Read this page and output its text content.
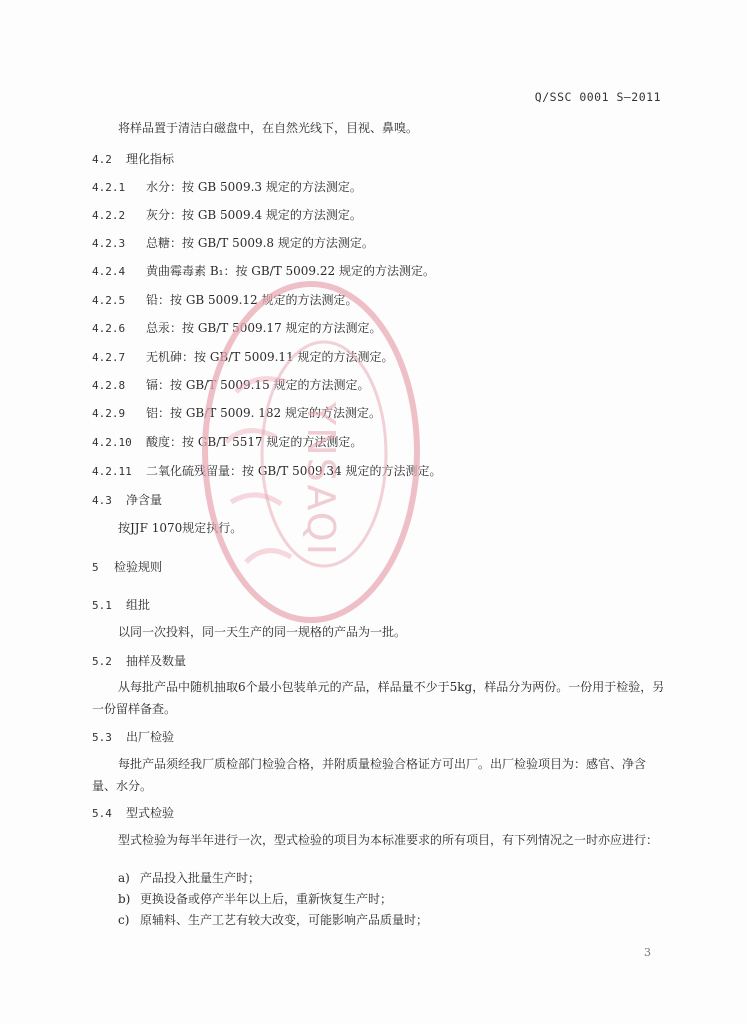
Q/SSC 0001 S—2011
将样品置于清洁白磁盘中，在自然光线下，目视、鼻嗅。
4.2 理化指标
4.2.1 水分：按 GB 5009.3 规定的方法测定。
4.2.2 灰分：按 GB 5009.4 规定的方法测定。
4.2.3 总糖：按 GB/T 5009.8 规定的方法测定。
4.2.4 黄曲霉毒素 B₁：按 GB/T 5009.22 规定的方法测定。
4.2.5 铅：按 GB 5009.12 规定的方法测定。
4.2.6 总汞：按 GB/T 5009.17 规定的方法测定。
4.2.7 无机砷：按 GB/T 5009.11 规定的方法测定。
4.2.8 镉：按 GB/T 5009.15 规定的方法测定。
4.2.9 铝：按 GB/T 5009. 182 规定的方法测定。
4.2.10 酸度：按 GB/T 5517 规定的方法测定。
4.2.11 二氧化硫残留量：按 GB/T 5009.34 规定的方法测定。
4.3 净含量
按JJF 1070规定执行。
5 检验规则
5.1 组批
以同一次投料，同一天生产的同一规格的产品为一批。
5.2 抽样及数量
从每批产品中随机抽取6个最小包装单元的产品，样品量不少于5kg，样品分为两份。一份用于检验，另一份留样备查。
5.3 出厂检验
每批产品须经我厂质检部门检验合格，并附质量检验合格证方可出厂。出厂检验项目为：感官、净含量、水分。
5.4 型式检验
型式检验为每半年进行一次，型式检验的项目为本标准要求的所有项目，有下列情况之一时亦应进行：
a) 产品投入批量生产时；
b) 更换设备或停产半年以上后，重新恢复生产时；
c) 原辅料、生产工艺有较大改变，可能影响产品质量时；
3
YNSAQI
